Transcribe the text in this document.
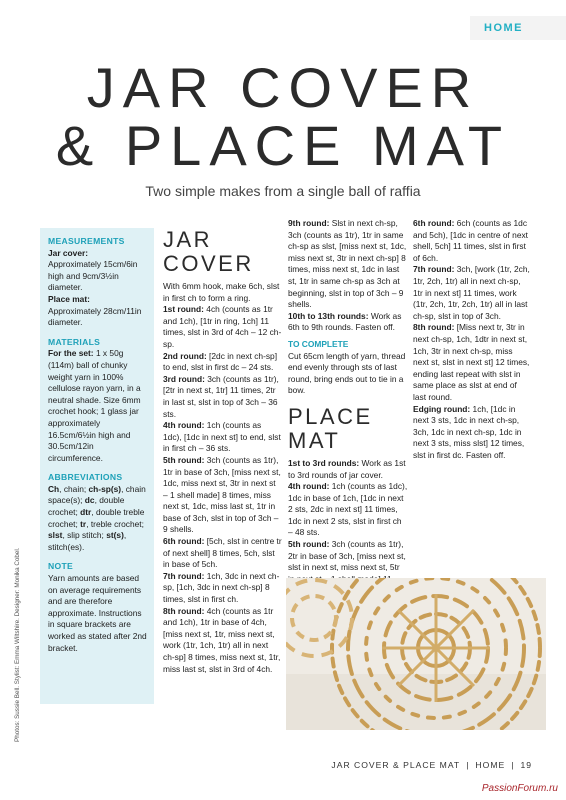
HOME
JAR COVER
& PLACE MAT
Two simple makes from a single ball of raffia
MEASUREMENTS
Jar cover:
Approximately 15cm/6in high and 9cm/3½in diameter.
Place mat:
Approximately 28cm/11in diameter.
MATERIALS
For the set: 1 x 50g (114m) ball of chunky weight yarn in 100% cellulose rayon yarn, in a neutral shade. Size 6mm crochet hook; 1 glass jar approximately 16.5cm/6½in high and 30.5cm/12in circumference.
ABBREVIATIONS
Ch, chain; ch-sp(s), chain space(s); dc, double crochet; dtr, double treble crochet; tr, treble crochet; slst, slip stitch; st(s), stitch(es).
NOTE
Yarn amounts are based on average requirements and are therefore approximate. Instructions in square brackets are worked as stated after 2nd bracket.
Photos: Sussie Bell. Stylist: Emma Wiltshire. Designer: Monika Cobel.
JAR COVER
With 6mm hook, make 6ch, slst in first ch to form a ring.
1st round: 4ch (counts as 1tr and 1ch), [1tr in ring, 1ch] 11 times, slst in 3rd of 4ch – 12 ch-sp.
2nd round: [2dc in next ch-sp] to end, slst in first dc – 24 sts.
3rd round: 3ch (counts as 1tr), [2tr in next st, 1tr] 11 times, 2tr in last st, slst in top of 3ch – 36 sts.
4th round: 1ch (counts as 1dc), [1dc in next st] to end, slst in first ch – 36 sts.
5th round: 3ch (counts as 1tr), 1tr in base of 3ch, [miss next st, 1dc, miss next st, 3tr in next st – 1 shell made] 8 times, miss next st, 1dc, miss last st, 1tr in base of 3ch, slst in top of 3ch – 9 shells.
6th round: [5ch, slst in centre tr of next shell] 8 times, 5ch, slst in base of 5ch.
7th round: 1ch, 3dc in next ch-sp, [1ch, 3dc in next ch-sp] 8 times, slst in first ch.
8th round: 4ch (counts as 1tr and 1ch), 1tr in base of 4ch, [miss next st, 1tr, miss next st, work (1tr, 1ch, 1tr) all in next ch-sp] 8 times, miss next st, 1tr, miss last st, slst in 3rd of 4ch.
9th round: Slst in next ch-sp, 3ch (counts as 1tr), 1tr in same ch-sp as slst, [miss next st, 1dc, miss next st, 3tr in next ch-sp] 8 times, miss next st, 1dc in last st, 1tr in same ch-sp as 3ch at beginning, slst in top of 3ch – 9 shells.
10th to 13th rounds: Work as 6th to 9th rounds. Fasten off.
TO COMPLETE
Cut 65cm length of yarn, thread end evenly through sts of last round, bring ends out to tie in a bow.
PLACE MAT
1st to 3rd rounds: Work as 1st to 3rd rounds of jar cover.
4th round: 1ch (counts as 1dc), 1dc in base of 1ch, [1dc in next 2 sts, 2dc in next st] 11 times, 1dc in next 2 sts, slst in first ch – 48 sts.
5th round: 3ch (counts as 1tr), 2tr in base of 3ch, [miss next st, slst in next st, miss next st, 5tr
6th round: 6ch (counts as 1dc and 5ch), [1dc in centre of next shell, 5ch] 11 times, slst in first of 6ch.
7th round: 3ch, [work (1tr, 2ch, 1tr, 2ch, 1tr) all in next ch-sp, 1tr in next st] 11 times, work (1tr, 2ch, 1tr, 2ch, 1tr) all in last ch-sp, slst in top of 3ch.
8th round: [Miss next tr, 3tr in next ch-sp, 1ch, 1dtr in next st, 1ch, 3tr in next ch-sp, miss next st, slst in next st] 12 times, ending last repeat with slst in same place as slst at end of last round.
Edging round: 1ch, [1dc in next 3 sts, 1dc in next ch-sp, 3ch, 1dc in next ch-sp, 1dc in next 3 sts, miss slst] 12 times, slst in first dc. Fasten off.
JAR COVER & PLACE MAT | HOME | 19
PassionForum.ru
